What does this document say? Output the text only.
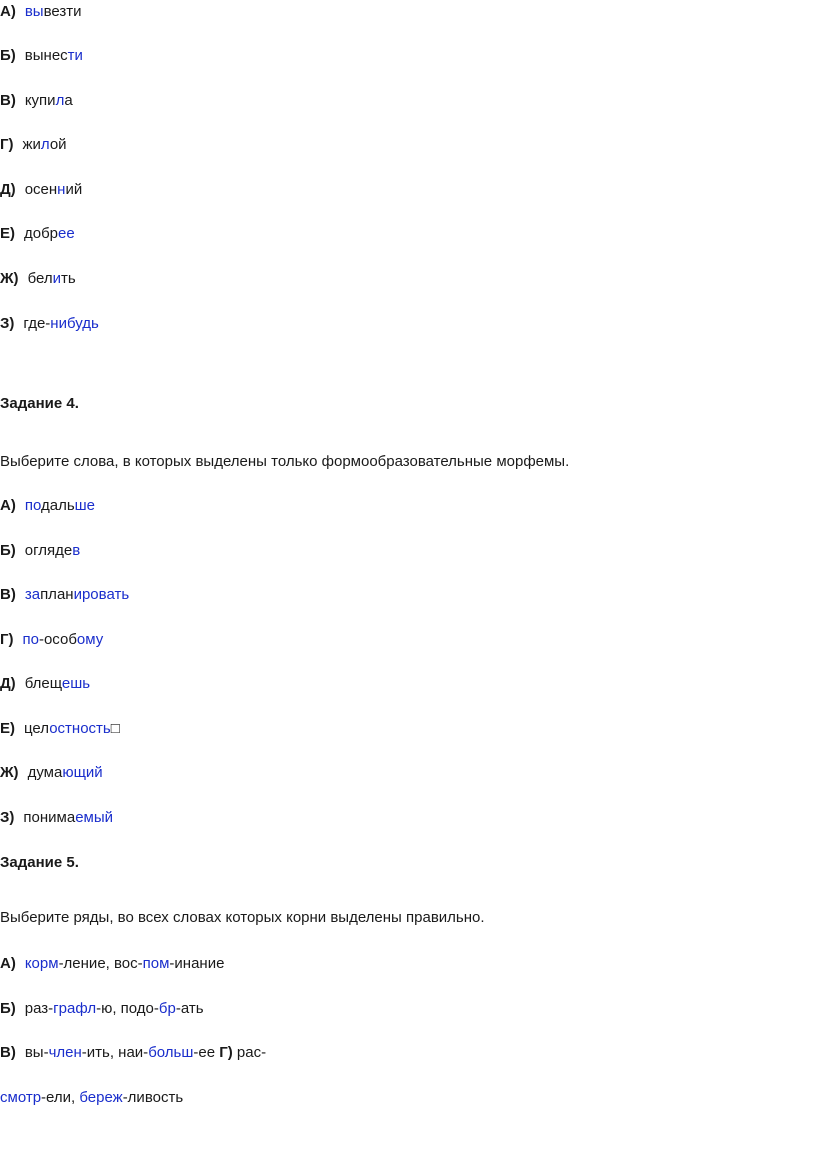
А) вывезти
Б) вынести
В) купила
Г) жилой
Д) осенний
Е) добрее
Ж) белить
З) где-нибудь
Задание 4.
Выберите слова, в которых выделены только формообразовательные морфемы.
А) подальше
Б) оглядев
В) запланировать
Г) по-особому
Д) блещешь
Е) целостность□
Ж) думающий
З) понимаемый
Задание 5.
Выберите ряды, во всех словах которых корни выделены правильно.
А) корм-ление, вос-пом-инание
Б) раз-графл-ю, подо-бр-ать
В) вы-член-ить, наи-больш-ее Г) рас-
смотр-ели, береж-ливость
